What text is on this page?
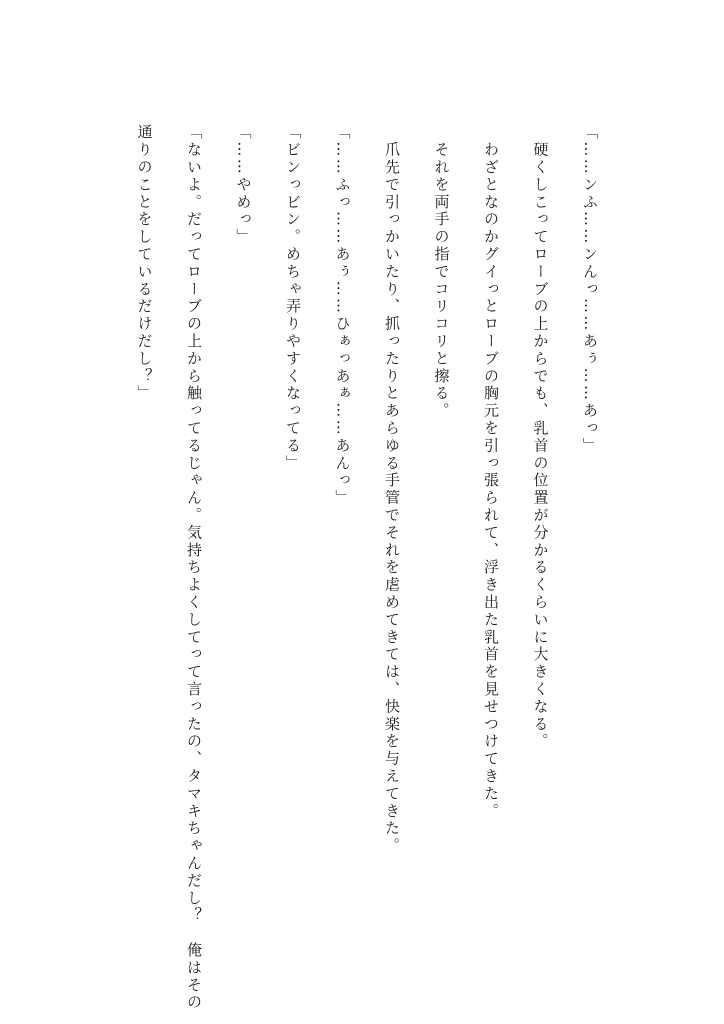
「……ンふ……ンんっ……あぅ……あっ」

　硬くしこってローブの上からでも、乳首の位置が分かるくらいに大きくなる。

　わざとなのかグイっとローブの胸元を引っ張られて、浮き出た乳首を見せつけてきた。

　それを両手の指でコリコリと擦る。

　爪先で引っかいたり、抓ったりとあらゆる手管でそれを虐めてきては、快楽を与えてきた。

「……ふっ……あぅ……ひぁっあぁ……あんっ」

「ビンっビン。めちゃ弄りやすくなってる」

「……やめっ」

「ないよ。だってローブの上から触ってるじゃん。気持ちよくしてって言ったの、タマキちゃんだし？　俺はその

通りのことをしているだけだし？」
